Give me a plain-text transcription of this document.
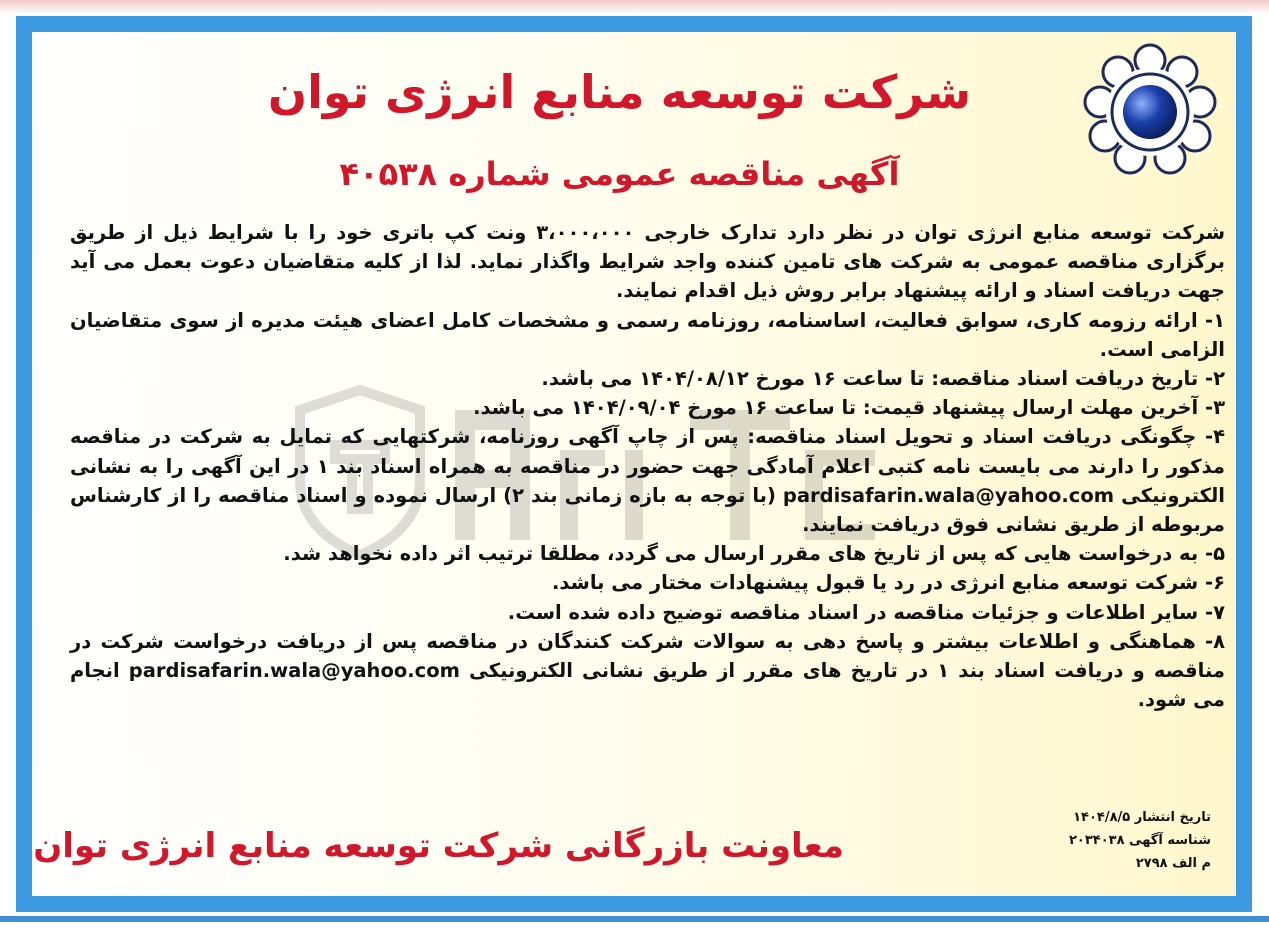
شرکت توسعه منابع انرژی توان
آگهی مناقصه عمومی شماره ۴۰۵۳۸

شرکت توسعه منابع انرژی توان در نظر دارد تدارک خارجی ۳،۰۰۰،۰۰۰ ونت کپ باتری خود را با شرایط ذیل از طریق برگزاری مناقصه عمومی به شرکت های تامین کننده واجد شرایط واگذار نماید. لذا از کلیه متقاضیان دعوت بعمل می آید جهت دریافت اسناد و ارائه پیشنهاد برابر روش ذیل اقدام نمایند.

۱- ارائه رزومه کاری، سوابق فعالیت، اساسنامه، روزنامه رسمی و مشخصات کامل اعضای هیئت مدیره از سوی متقاضیان الزامی است.

۲- تاریخ دریافت اسناد مناقصه: تا ساعت ۱۶ مورخ ۱۴۰۴/۰۸/۱۲ می باشد.

۳- آخرین مهلت ارسال پیشنهاد قیمت: تا ساعت ۱۶ مورخ ۱۴۰۴/۰۹/۰۴ می باشد.

۴- چگونگی دریافت اسناد و تحویل اسناد مناقصه: پس از چاپ آگهی روزنامه، شرکتهایی که تمایل به شرکت در مناقصه مذکور را دارند می بایست نامه کتبی اعلام آمادگی جهت حضور در مناقصه به همراه اسناد بند ۱ در این آگهی را به نشانی الکترونیکی pardisafarin.wala@yahoo.com (با توجه به بازه زمانی بند ۲) ارسال نموده و اسناد مناقصه را از کارشناس مربوطه از طریق نشانی فوق دریافت نمایند.

۵- به درخواست هایی که پس از تاریخ های مقرر ارسال می گردد، مطلقا ترتیب اثر داده نخواهد شد.

۶- شرکت توسعه منابع انرژی در رد یا قبول پیشنهادات مختار می باشد.

۷- سایر اطلاعات و جزئیات مناقصه در اسناد مناقصه توضیح داده شده است.

۸- هماهنگی و اطلاعات بیشتر و پاسخ دهی به سوالات شرکت کنندگان در مناقصه پس از دریافت درخواست شرکت در مناقصه و دریافت اسناد بند ۱ در تاریخ های مقرر از طریق نشانی الکترونیکی pardisafarin.wala@yahoo.com انجام می شود.

تاریخ انتشار ۱۴۰۴/۸/۵
شناسه آگهی ۲۰۳۴۰۳۸
م الف ۲۷۹۸
معاونت بازرگانی شرکت توسعه منابع انرژی توان
